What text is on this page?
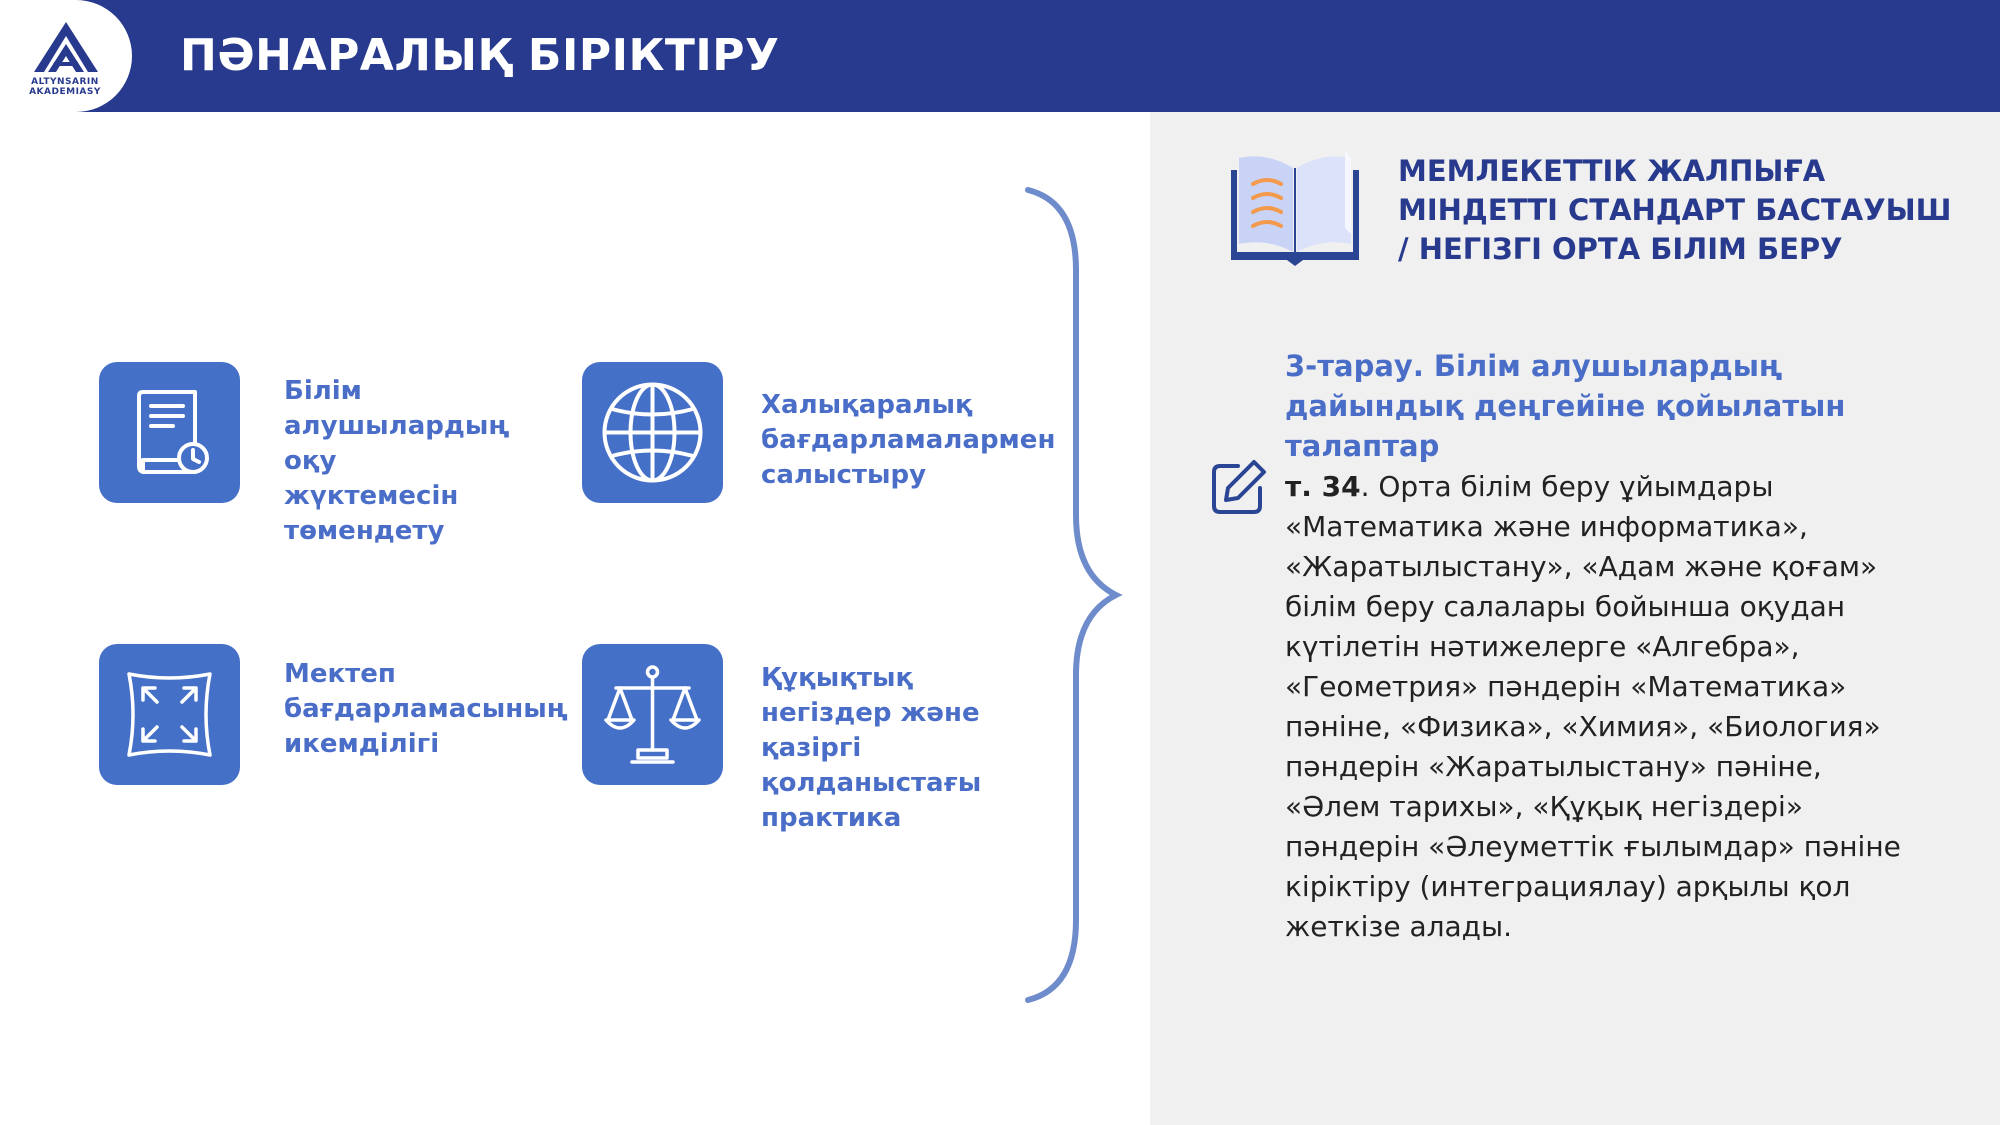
ALTYNSARIN
AKADEMIASY
ПӘНАРАЛЫҚ БІРІКТІРУ
Білім алушылардың оқу жүктемесін төмендету
Халықаралық бағдарламалармен салыстыру
Мектеп бағдарламасының икемділігі
Құқықтық негіздер және қазіргі қолданыстағы практика
МЕМЛЕКЕТТІК ЖАЛПЫҒА МІНДЕТТІ СТАНДАРТ БАСТАУЫШ / НЕГІЗГІ ОРТА БІЛІМ БЕРУ
3-тарау. Білім алушылардың дайындық деңгейіне қойылатын талаптар

т. 34. Орта білім беру ұйымдары «Математика және информатика», «Жаратылыстану», «Адам және қоғам» білім беру салалары бойынша оқудан күтілетін нәтижелерге «Алгебра», «Геометрия» пәндерін «Математика» пәніне, «Физика», «Химия», «Биология» пәндерін «Жаратылыстану» пәніне, «Әлем тарихы», «Құқық негіздері» пәндерін «Әлеуметтік ғылымдар» пәніне кіріктіру (интеграциялау) арқылы қол жеткізе алады.
